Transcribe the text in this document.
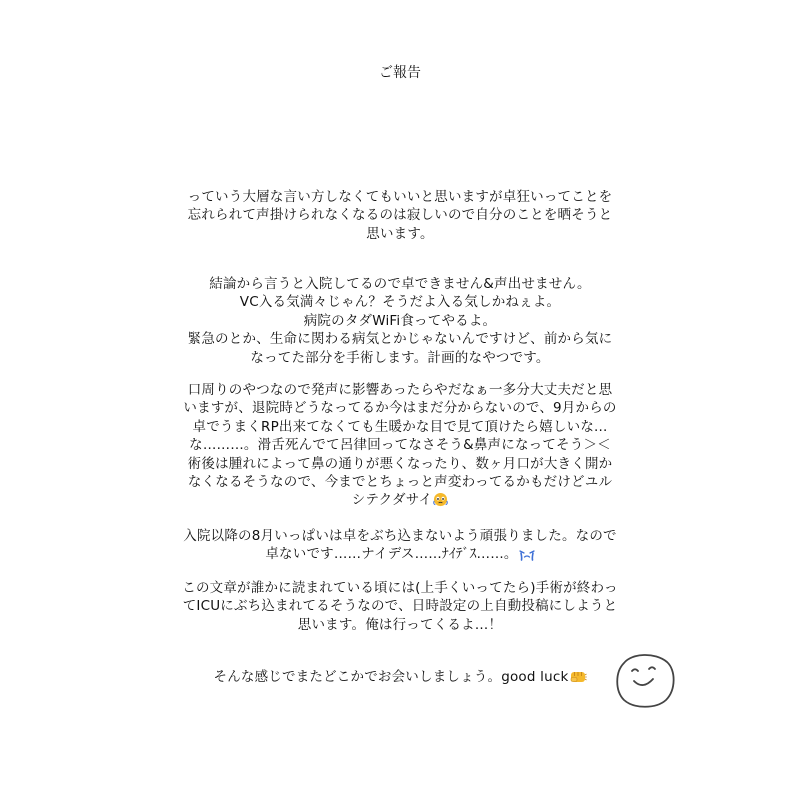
ご報告
っていう大層な言い方しなくてもいいと思いますが卓狂いってことを
忘れられて声掛けられなくなるのは寂しいので自分のことを晒そうと
思います。
結論から言うと入院してるので卓できません&声出せません。
VC入る気満々じゃん？そうだよ入る気しかねぇよ。
病院のタダWiFi食ってやるよ。
緊急のとか、生命に関わる病気とかじゃないんですけど、前から気に
なってた部分を手術します。計画的なやつです。
口周りのやつなので発声に影響あったらやだなぁ一多分大丈夫だと思
いますが、退院時どうなってるか今はまだ分からないので、9月からの
卓でうまくRP出来てなくても生暖かな目で見て頂けたら嬉しいな...
な………。滑舌死んでて呂律回ってなさそう&鼻声になってそう＞＜
術後は腫れによって鼻の通りが悪くなったり、数ヶ月口が大きく開か
なくなるそうなので、今までとちょっと声変わってるかもだけどユル
シテクダサイ
入院以降の8月いっぱいは卓をぶち込まないよう頑張りました。なので
卓ないです……ナイデス……ﾅｲﾃﾞｽ……。
この文章が誰かに読まれている頃には(上手くいってたら)手術が終わっ
てICUにぶち込まれてるそうなので、日時設定の上自動投稿にしようと
思います。俺は行ってくるよ…！
そんな感じでまたどこかでお会いしましょう。good luck
